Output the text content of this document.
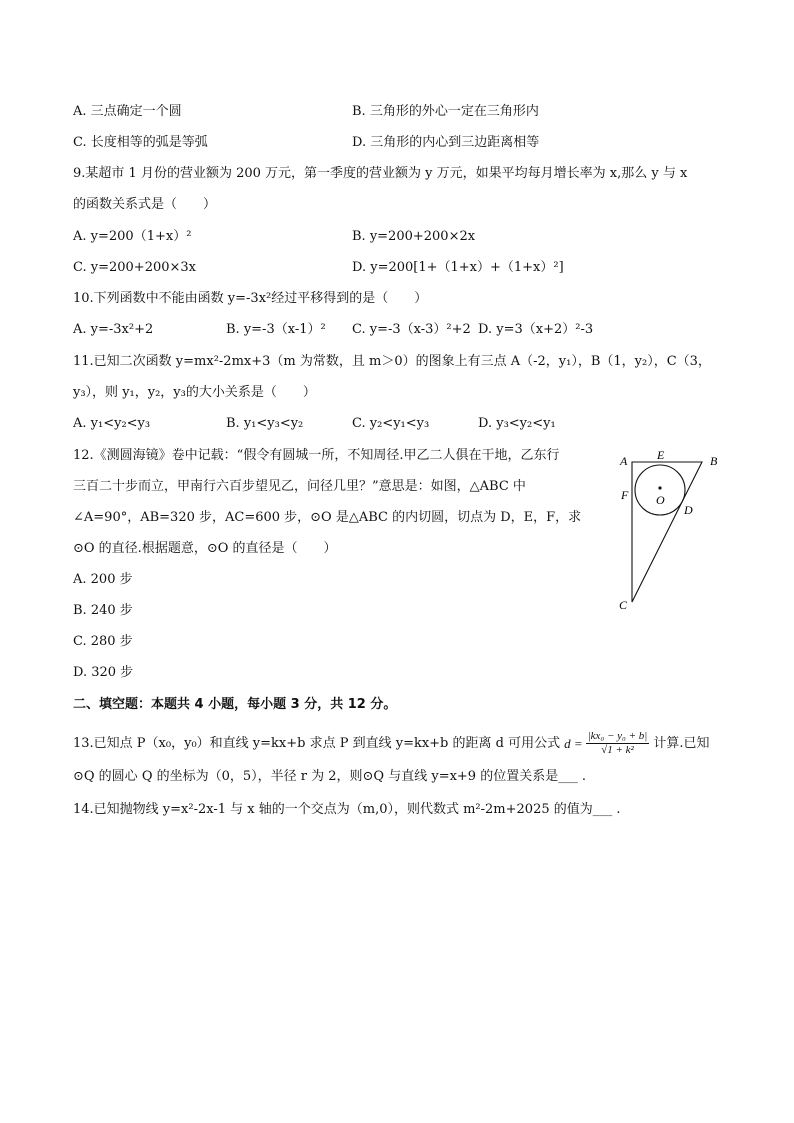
A. 三点确定一个圆	B. 三角形的外心一定在三角形内
C. 长度相等的弧是等弧	D. 三角形的内心到三边距离相等
9.某超市 1 月份的营业额为 200 万元，第一季度的营业额为 y 万元，如果平均每月增长率为 x,那么 y 与 x
的函数关系式是（　　）
A. y=200（1+x）²	B. y=200+200×2x
C. y=200+200×3x	D. y=200[1+（1+x）+（1+x）²]
10.下列函数中不能由函数 y=-3x²经过平移得到的是（　　）
A. y=-3x²+2	B. y=-3（x-1）² C. y=-3（x-3）²+2 D. y=3（x+2）²-3
11.已知二次函数 y=mx²-2mx+3（m 为常数，且 m＞0）的图象上有三点 A（-2，y₁），B（1，y₂），C（3，
y₃），则 y₁，y₂，y₃的大小关系是（　　）
A. y₁<y₂<y₃	B. y₁<y₃<y₂	C. y₂<y₁<y₃	D. y₃<y₂<y₁
12.《测圆海镜》卷中记载：“假令有圆城一所，不知周径.甲乙二人俱在干地，乙东行
三百二十步而立，甲南行六百步望见乙，问径几里？”意思是：如图，△ABC 中
∠A=90°，AB=320 步，AC=600 步，⊙O 是△ABC 的内切圆，切点为 D，E，F，求
⊙O 的直径.根据题意，⊙O 的直径是（　　）
A. 200 步
B. 240 步
C. 280 步
D. 320 步
A E	B
F O
D
C
二、填空题：本题共 4 小题，每小题 3 分，共 12 分。
13.已知点 P（x₀，y₀）和直线 y=kx+b 求点 P 到直线 y=kx+b 的距离 d 可用公式 $d = \frac{\text{|kx₀ − y₀ + b|}}{\text{√1 + k²}}$ 计算.已知
⊙Q 的圆心 Q 的坐标为（0，5），半径 r 为 2，则⊙Q 与直线 y=x+9 的位置关系是___ .
14.已知抛物线 y=x²-2x-1 与 x 轴的一个交点为（m,0），则代数式 m²-2m+2025 的值为___ .
